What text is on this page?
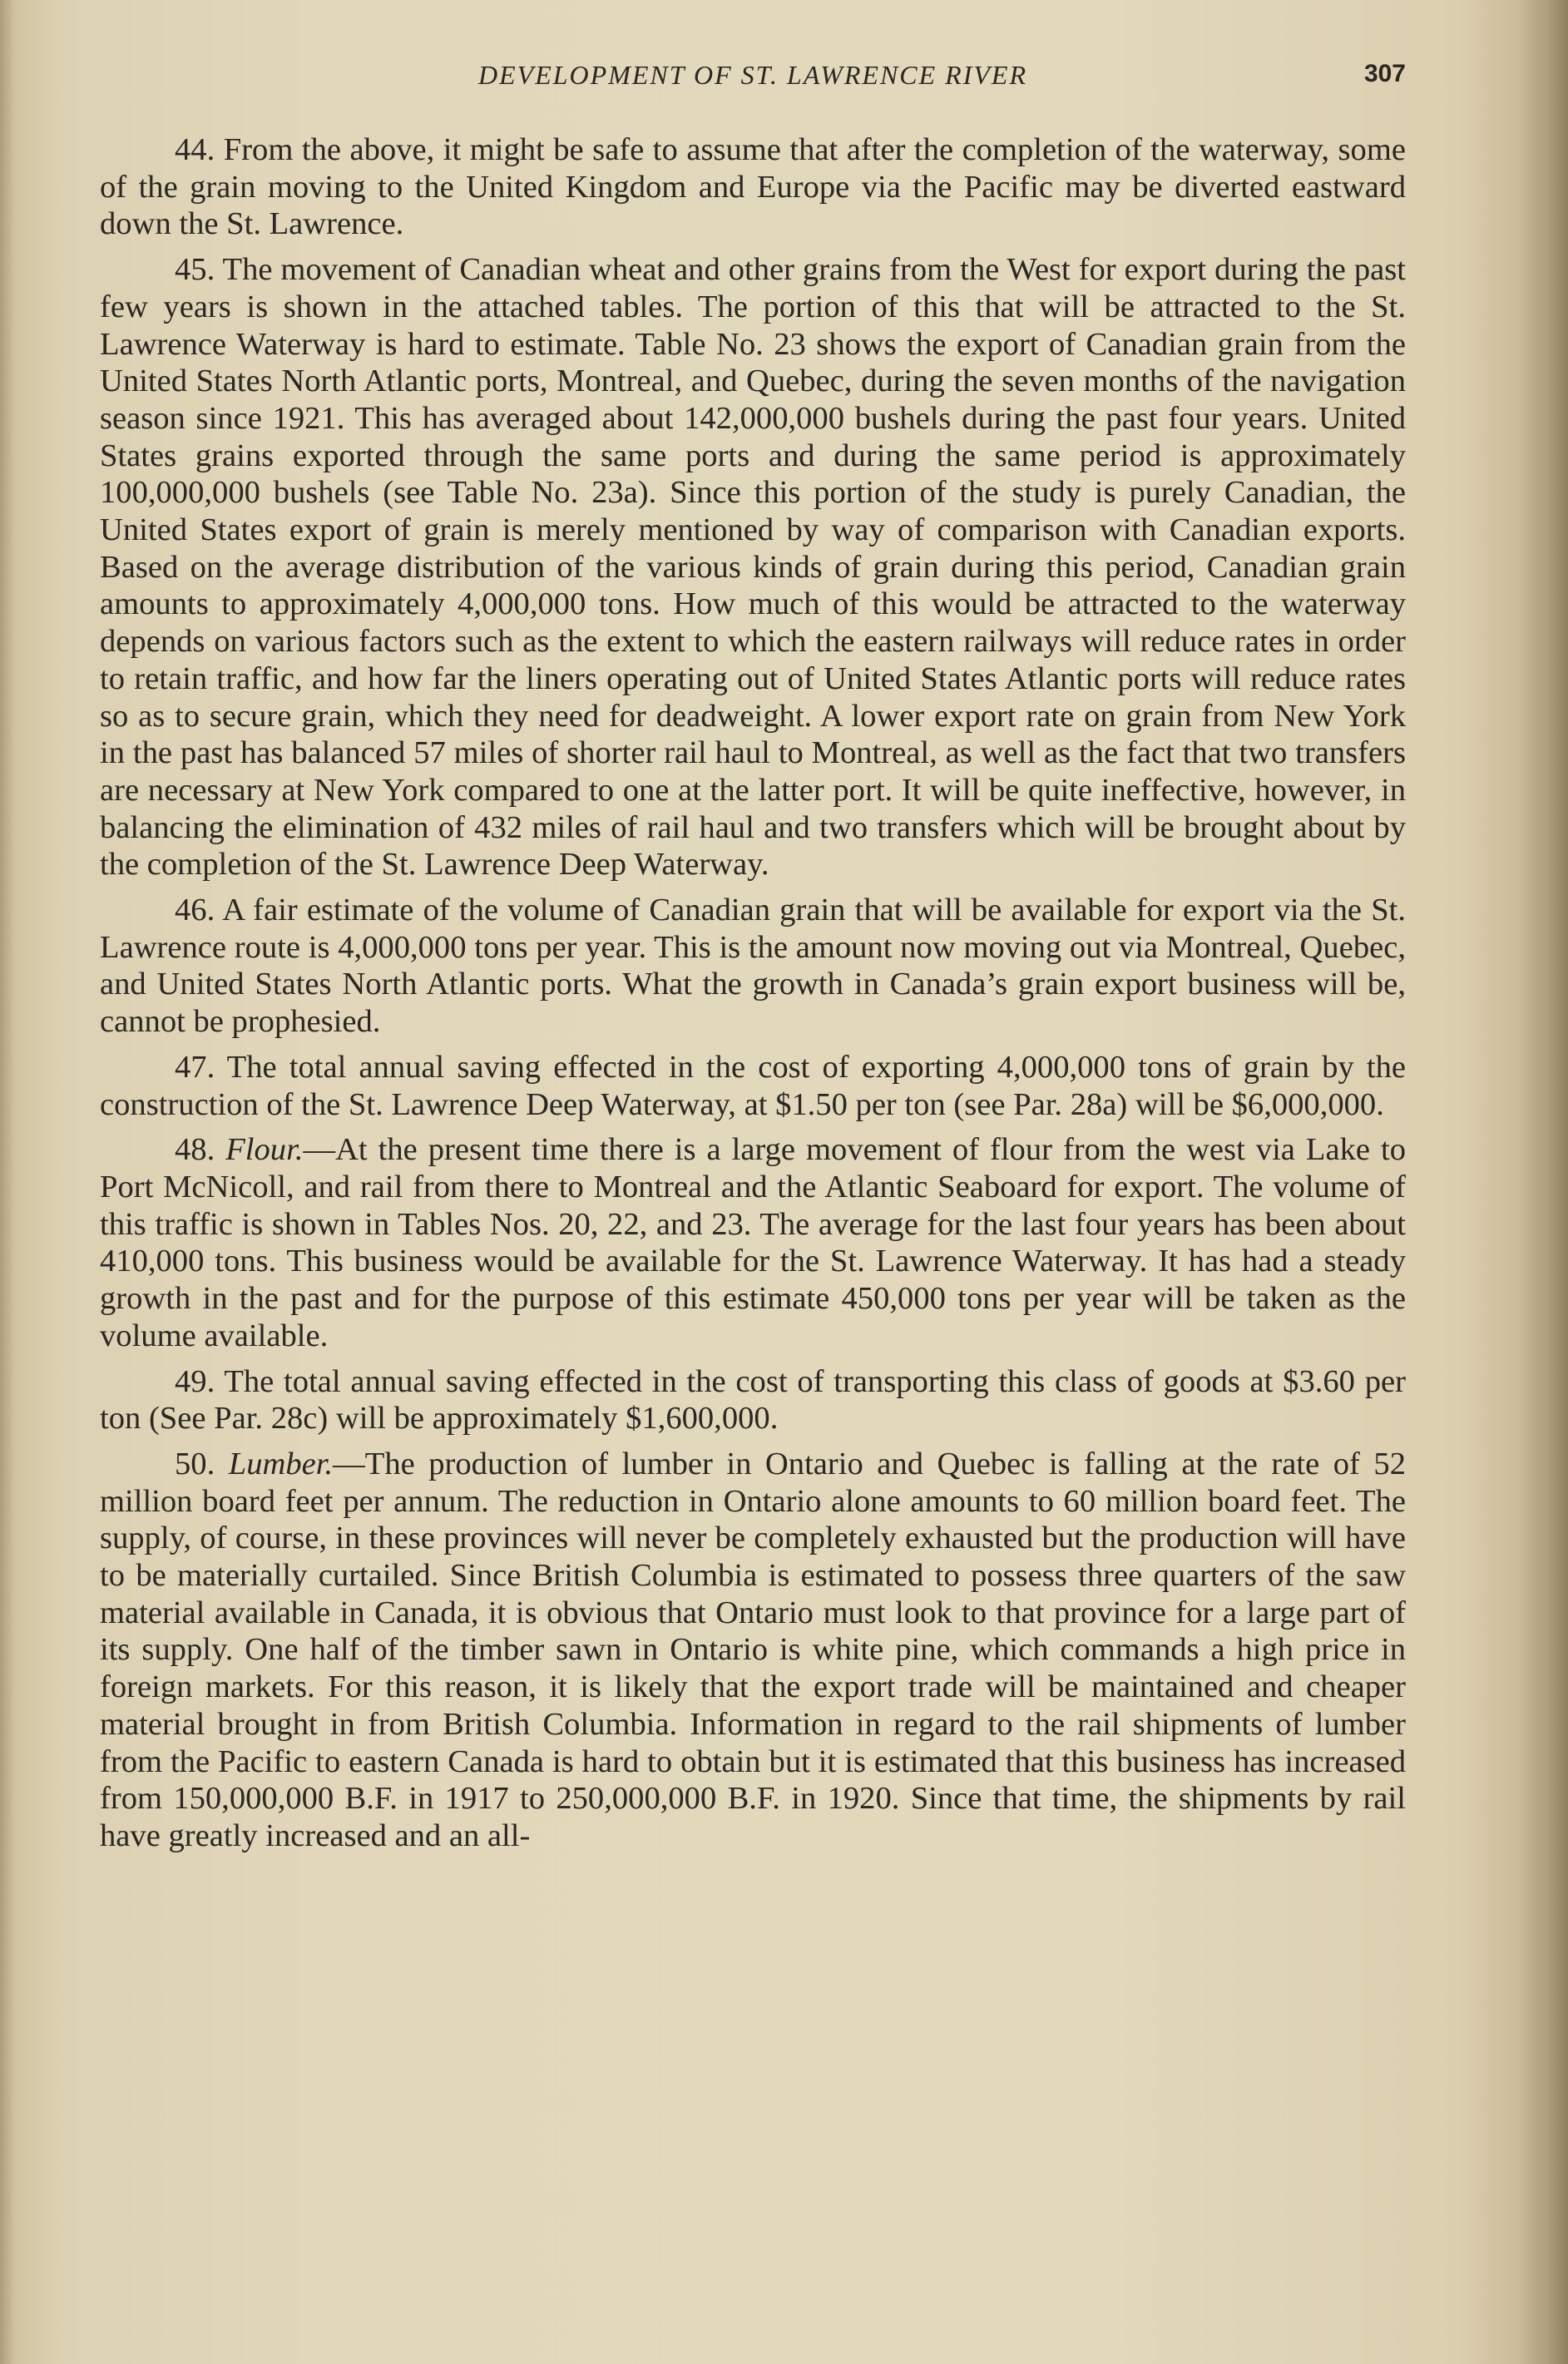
DEVELOPMENT OF ST. LAWRENCE RIVER	307

44. From the above, it might be safe to assume that after the completion of the waterway, some of the grain moving to the United Kingdom and Europe via the Pacific may be diverted eastward down the St. Lawrence.

45. The movement of Canadian wheat and other grains from the West for export during the past few years is shown in the attached tables. The portion of this that will be attracted to the St. Lawrence Waterway is hard to estimate. Table No. 23 shows the export of Canadian grain from the United States North Atlantic ports, Montreal, and Quebec, during the seven months of the navigation season since 1921. This has averaged about 142,000,000 bushels during the past four years. United States grains exported through the same ports and during the same period is approximately 100,000,000 bushels (see Table No. 23a). Since this portion of the study is purely Canadian, the United States export of grain is merely mentioned by way of comparison with Canadian exports. Based on the average distribution of the various kinds of grain during this period, Canadian grain amounts to approximately 4,000,000 tons. How much of this would be attracted to the waterway depends on various factors such as the extent to which the eastern railways will reduce rates in order to retain traffic, and how far the liners operating out of United States Atlantic ports will reduce rates so as to secure grain, which they need for deadweight. A lower export rate on grain from New York in the past has balanced 57 miles of shorter rail haul to Montreal, as well as the fact that two transfers are necessary at New York compared to one at the latter port. It will be quite ineffective, however, in balancing the elimination of 432 miles of rail haul and two transfers which will be brought about by the completion of the St. Lawrence Deep Waterway.

46. A fair estimate of the volume of Canadian grain that will be available for export via the St. Lawrence route is 4,000,000 tons per year. This is the amount now moving out via Montreal, Quebec, and United States North Atlantic ports. What the growth in Canada’s grain export business will be, cannot be prophesied.

47. The total annual saving effected in the cost of exporting 4,000,000 tons of grain by the construction of the St. Lawrence Deep Waterway, at $1.50 per ton (see Par. 28a) will be $6,000,000.

48. Flour.—At the present time there is a large movement of flour from the west via Lake to Port McNicoll, and rail from there to Montreal and the Atlantic Seaboard for export. The volume of this traffic is shown in Tables Nos. 20, 22, and 23. The average for the last four years has been about 410,000 tons. This business would be available for the St. Lawrence Waterway. It has had a steady growth in the past and for the purpose of this estimate 450,000 tons per year will be taken as the volume available.

49. The total annual saving effected in the cost of transporting this class of goods at $3.60 per ton (See Par. 28c) will be approximately $1,600,000.

50. Lumber.—The production of lumber in Ontario and Quebec is falling at the rate of 52 million board feet per annum. The reduction in Ontario alone amounts to 60 million board feet. The supply, of course, in these provinces will never be completely exhausted but the production will have to be materially curtailed. Since British Columbia is estimated to possess three quarters of the saw material available in Canada, it is obvious that Ontario must look to that province for a large part of its supply. One half of the timber sawn in Ontario is white pine, which commands a high price in foreign markets. For this reason, it is likely that the export trade will be maintained and cheaper material brought in from British Columbia. Information in regard to the rail shipments of lumber from the Pacific to eastern Canada is hard to obtain but it is estimated that this business has increased from 150,000,000 B.F. in 1917 to 250,000,000 B.F. in 1920. Since that time, the shipments by rail have greatly increased and an all-
